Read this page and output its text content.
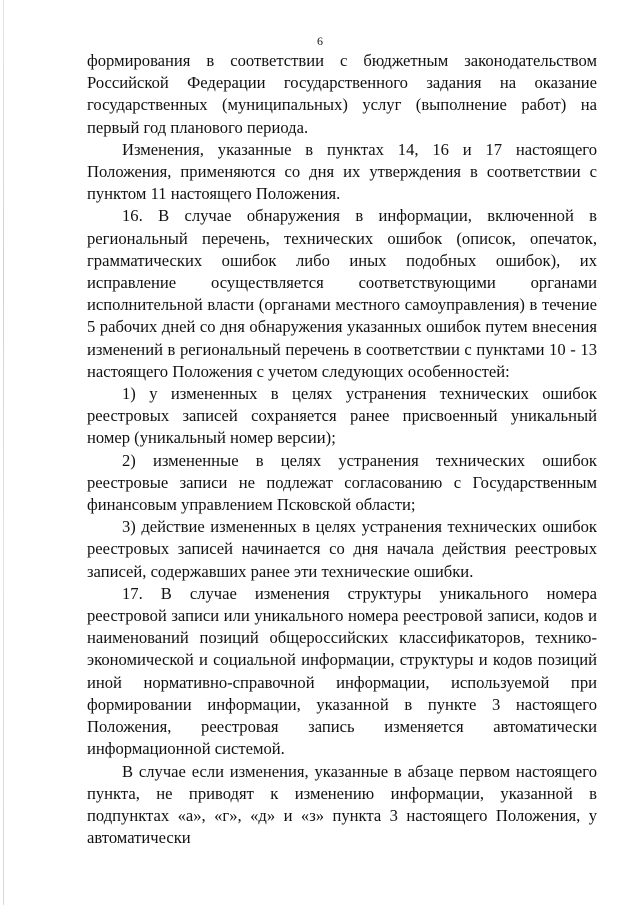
6

формирования в соответствии с бюджетным законодательством Российской Федерации государственного задания на оказание государственных (муниципальных) услуг (выполнение работ) на первый год планового периода.

Изменения, указанные в пунктах 14, 16 и 17 настоящего Положения, применяются со дня их утверждения в соответствии с пунктом 11 настоящего Положения.

16. В случае обнаружения в информации, включенной в региональный перечень, технических ошибок (описок, опечаток, грамматических ошибок либо иных подобных ошибок), их исправление осуществляется соответствующими органами исполнительной власти (органами местного самоуправления) в течение 5 рабочих дней со дня обнаружения указанных ошибок путем внесения изменений в региональный перечень в соответствии с пунктами 10 - 13 настоящего Положения с учетом следующих особенностей:

1) у измененных в целях устранения технических ошибок реестровых записей сохраняется ранее присвоенный уникальный номер (уникальный номер версии);

2) измененные в целях устранения технических ошибок реестровые записи не подлежат согласованию с Государственным финансовым управлением Псковской области;

3) действие измененных в целях устранения технических ошибок реестровых записей начинается со дня начала действия реестровых записей, содержавших ранее эти технические ошибки.

17. В случае изменения структуры уникального номера реестровой записи или уникального номера реестровой записи, кодов и наименований позиций общероссийских классификаторов, технико-экономической и социальной информации, структуры и кодов позиций иной нормативно-справочной информации, используемой при формировании информации, указанной в пункте 3 настоящего Положения, реестровая запись изменяется автоматически информационной системой.

В случае если изменения, указанные в абзаце первом настоящего пункта, не приводят к изменению информации, указанной в подпунктах «а», «г», «д» и «з» пункта 3 настоящего Положения, у автоматически
